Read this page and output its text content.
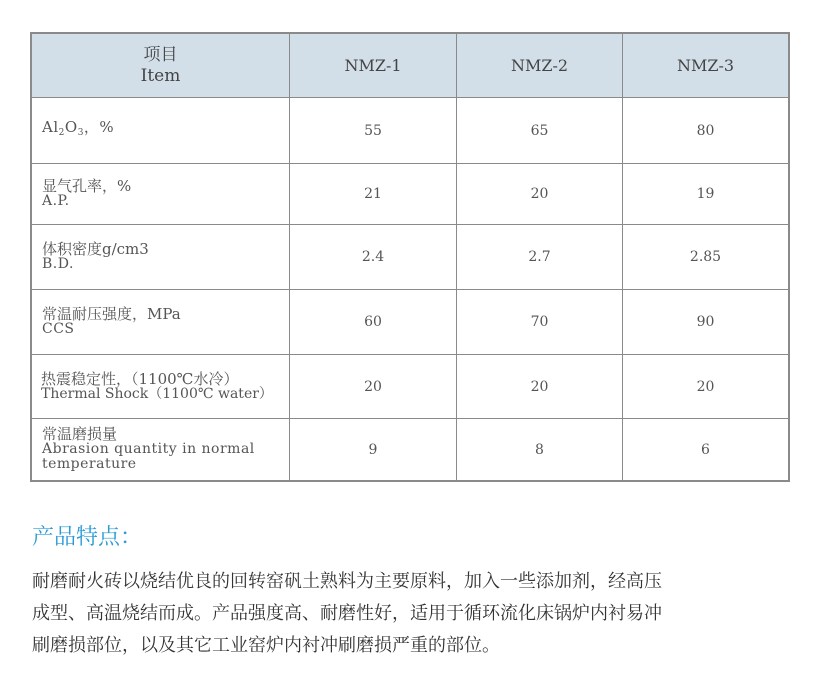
项目
Item	NMZ-1	NMZ-2	NMZ-3
$Al_2O_3$，%	55	65	80
显气孔率，%
A.P.	21	20	19
体积密度g/cm3
B.D.	2.4	2.7	2.85
常温耐压强度，MPa
CCS	60	70	90
热震稳定性，（1100℃水冷）
Thermal Shock（1100℃ water）	20	20	20
常温磨损量
Abrasion quantity in normal
temperature
9	8	6
产品特点：
耐磨耐火砖以烧结优良的回转窑矾土熟料为主要原料，加入一些添加剂，经高压
成型、高温烧结而成。产品强度高、耐磨性好，适用于循环流化床锅炉内衬易冲
刷磨损部位，以及其它工业窑炉内衬冲刷磨损严重的部位。
